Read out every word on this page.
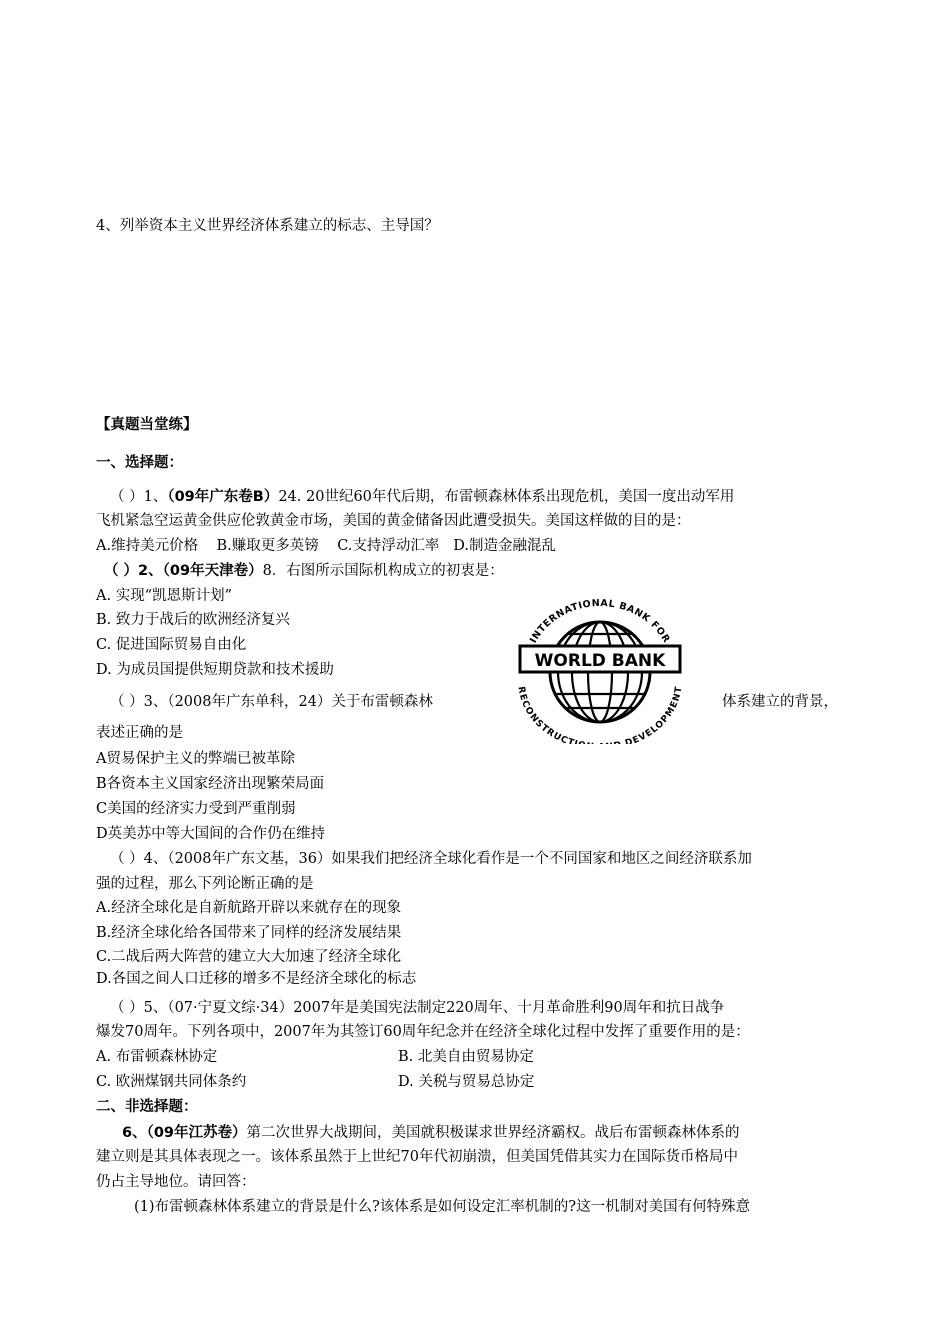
4、列举资本主义世界经济体系建立的标志、主导国？
【真题当堂练】
一、选择题：
（ ）1、（09年广东卷B）24. 20世纪60年代后期，布雷顿森林体系出现危机，美国一度出动军用
飞机紧急空运黄金供应伦敦黄金市场，美国的黄金储备因此遭受损失。美国这样做的目的是：
A.维持美元价格    B.赚取更多英镑    C.支持浮动汇率   D.制造金融混乱
（ ）2、（09年天津卷）8．右图所示国际机构成立的初衷是：
A. 实现“凯恩斯计划”
B. 致力于战后的欧洲经济复兴
C. 促进国际贸易自由化
D. 为成员国提供短期贷款和技术援助	WORLD BANK
INTERNATIONAL BANK FOR
RECONSTRUCT DEVELOPMENT
（ ）3、（2008年广东单科，24）关于布雷顿森林	体系建立的背景，
表述正确的是
A贸易保护主义的弊端已被革除
B各资本主义国家经济出现繁荣局面
C美国的经济实力受到严重削弱
D英美苏中等大国间的合作仍在维持
（ ）4、（2008年广东文基，36）如果我们把经济全球化看作是一个不同国家和地区之间经济联系加
强的过程，那么下列论断正确的是
A.经济全球化是自新航路开辟以来就存在的现象
B.经济全球化给各国带来了同样的经济发展结果
C.二战后两大阵营的建立大大加速了经济全球化
D.各国之间人口迁移的增多不是经济全球化的标志
（ ）5、（07·宁夏文综·34）2007年是美国宪法制定220周年、十月革命胜利90周年和抗日战争
爆发70周年。下列各项中，2007年为其签订60周年纪念并在经济全球化过程中发挥了重要作用的是：
A. 布雷顿森林协定	B. 北美自由贸易协定
C. 欧洲煤钢共同体条约	D. 关税与贸易总协定
二、非选择题：
6、（09年江苏卷）第二次世界大战期间，美国就积极谋求世界经济霸权。战后布雷顿森林体系的
建立则是其具体表现之一。该体系虽然于上世纪70年代初崩溃，但美国凭借其实力在国际货币格局中
仍占主导地位。请回答：
(1)布雷顿森林体系建立的背景是什么?该体系是如何设定汇率机制的?这一机制对美国有何特殊意
